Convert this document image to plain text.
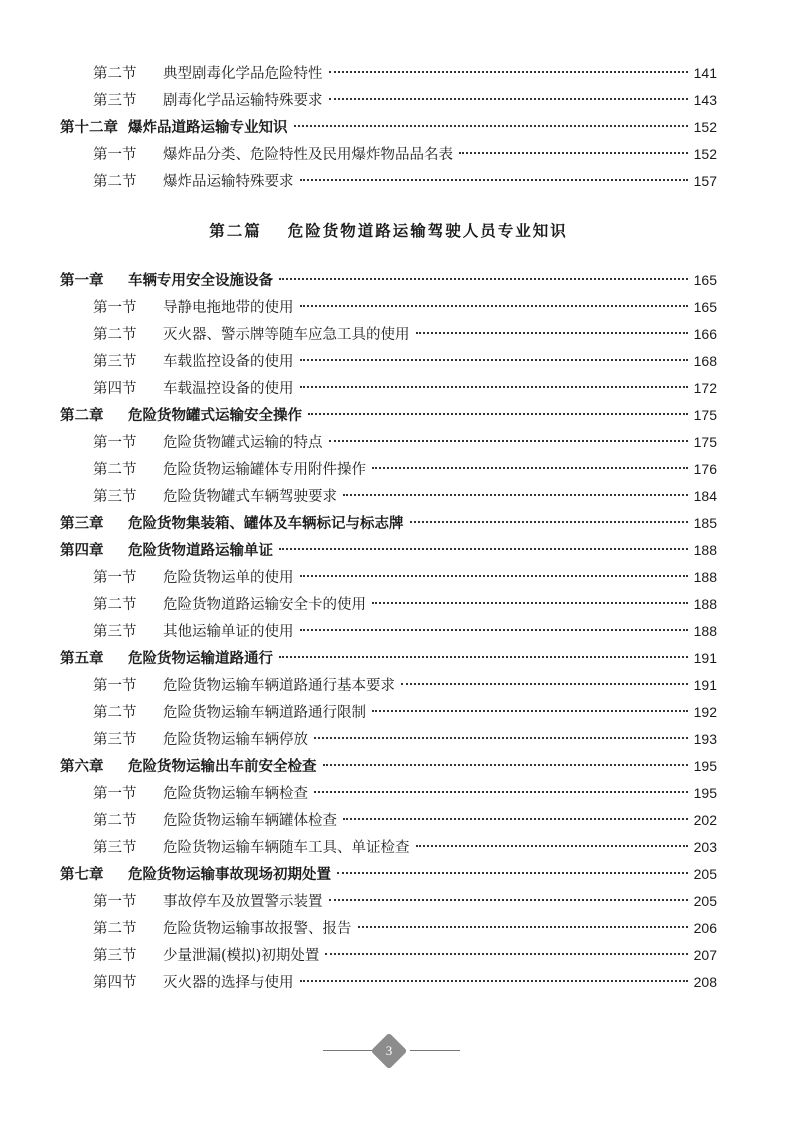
第二节	典型剧毒化学品危险特性	141
第三节	剧毒化学品运输特殊要求	143
第十二章 爆炸品道路运输专业知识	152
第一节	爆炸品分类、危险特性及民用爆炸物品品名表	152
第二节	爆炸品运输特殊要求	157
第二篇 危险货物道路运输驾驶人员专业知识
第一章	车辆专用安全设施设备	165
第一节	导静电拖地带的使用	165
第二节	灭火器、警示牌等随车应急工具的使用	166
第三节	车载监控设备的使用	168
第四节	车载温控设备的使用	172
第二章	危险货物罐式运输安全操作	175
第一节	危险货物罐式运输的特点	175
第二节	危险货物运输罐体专用附件操作	176
第三节	危险货物罐式车辆驾驶要求	184
第三章	危险货物集装箱、罐体及车辆标记与标志牌	185
第四章	危险货物道路运输单证	188
第一节	危险货物运单的使用	188
第二节	危险货物道路运输安全卡的使用	188
第三节	其他运输单证的使用	188
第五章	危险货物运输道路通行	191
第一节	危险货物运输车辆道路通行基本要求	191
第二节	危险货物运输车辆道路通行限制	192
第三节	危险货物运输车辆停放	193
第六章	危险货物运输出车前安全检查	195
第一节	危险货物运输车辆检查	195
第二节	危险货物运输车辆罐体检查	202
第三节	危险货物运输车辆随车工具、单证检查	203
第七章	危险货物运输事故现场初期处置	205
第一节	事故停车及放置警示装置	205
第二节	危险货物运输事故报警、报告	206
第三节	少量泄漏(模拟)初期处置	207
第四节	灭火器的选择与使用	208
3
